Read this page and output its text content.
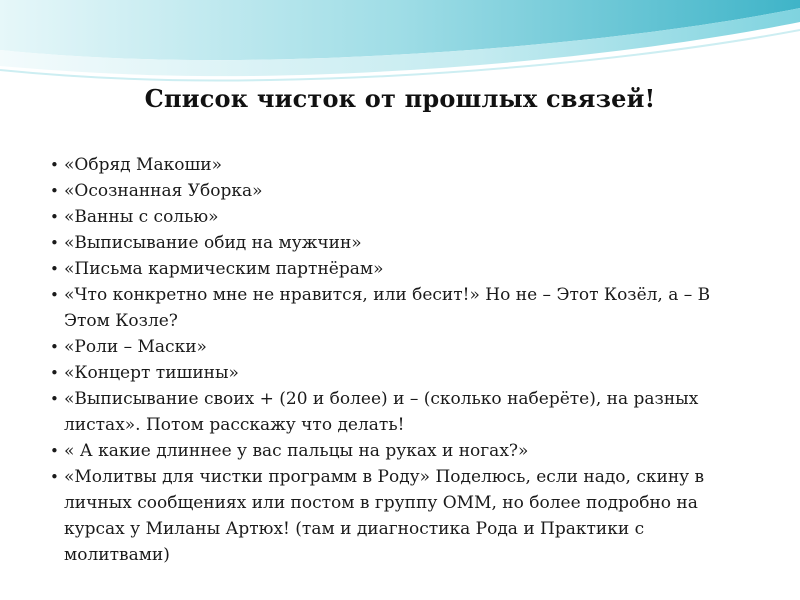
Список чисток от прошлых связей!
• «Обряд Макоши»
• «Осознанная Уборка»
• «Ванны с солью»
• «Выписывание обид на мужчин»
• «Письма кармическим партнёрам»
• «Что конкретно мне не нравится, или бесит!» Но не – Этот Козёл, а – В Этом Козле?
• «Роли – Маски»
• «Концерт тишины»
• «Выписывание своих + (20 и более) и – (сколько наберёте), на разных листах». Потом расскажу что делать!
• « А какие длиннее у вас пальцы на руках и ногах?»
• «Молитвы для чистки программ в Роду» Поделюсь, если надо, скину в личных сообщениях или постом в группу ОММ, но более подробно на курсах у Миланы Артюх! (там и диагностика Рода и Практики с молитвами)
